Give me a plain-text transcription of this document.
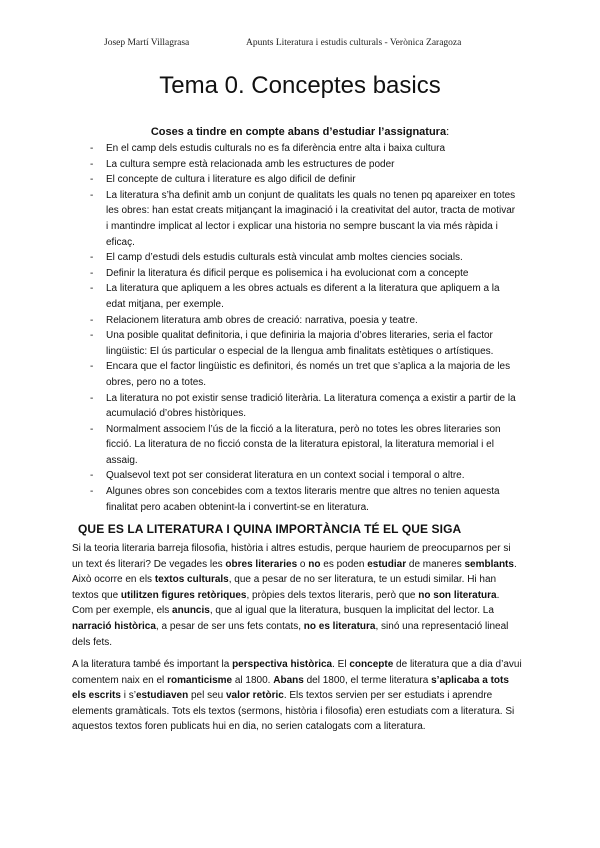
Josep Martí Villagrasa	Apunts Literatura i estudis culturals - Verònica Zaragoza
Tema 0. Conceptes basics
Coses a tindre en compte abans d’estudiar l’assignatura:
- En el camp dels estudis culturals no es fa diferència entre alta i baixa cultura
- La cultura sempre està relacionada amb les estructures de poder
- El concepte de cultura i literature es algo dificil de definir
- La literatura s’ha definit amb un conjunt de qualitats les quals no tenen pq apareixer en totes les obres: han estat creats mitjançant la imaginació i la creativitat del autor, tracta de motivar i mantindre implicat al lector i explicar una historia no sempre buscant la via més ràpida i eficaç.
- El camp d’estudi dels estudis culturals està vinculat amb moltes ciencies socials.
- Definir la literatura és dificil perque es polisemica i ha evolucionat com a concepte
- La literatura que apliquem a les obres actuals es diferent a la literatura que apliquem a la edat mitjana, per exemple.
- Relacionem literatura amb obres de creació: narrativa, poesia y teatre.
- Una posible qualitat definitoria, i que definiria la majoria d’obres literaries, seria el factor lingüistic: El ús particular o especial de la llengua amb finalitats estètiques o artístiques.
- Encara que el factor lingüistic es definitori, és només un tret que s’aplica a la majoria de les obres, pero no a totes.
- La literatura no pot existir sense tradició literària. La literatura comença a existir a partir de la acumulació d’obres històriques.
- Normalment associem l’ús de la ficció a la literatura, però no totes les obres literaries son ficció. La literatura de no ficció consta de la literatura epistoral, la literatura memorial i el assaig.
- Qualsevol text pot ser considerat literatura en un context social i temporal o altre.
- Algunes obres son concebides com a textos literaris mentre que altres no tenien aquesta finalitat pero acaben obtenint-la i convertint-se en literatura.
QUE ES LA LITERATURA I QUINA IMPORTÀNCIA TÉ EL QUE SIGA

Si la teoria literaria barreja filosofia, història i altres estudis, perque hauriem de preocuparnos per si un text és literari? De vegades les obres literaries o no es poden estudiar de maneres semblants. Això ocorre en els textos culturals, que a pesar de no ser literatura, te un estudi similar. Hi han textos que utilitzen figures retòriques, pròpies dels textos literaris, però que no son literatura. Com per exemple, els anuncis, que al igual que la literatura, busquen la implicitat del lector. La narració històrica, a pesar de ser uns fets contats, no es literatura, sinó una representació lineal dels fets.

A la literatura també és important la perspectiva històrica. El concepte de literatura que a dia d’avui comentem naix en el romanticisme al 1800. Abans del 1800, el terme literatura s’aplicaba a tots els escrits i s’estudiaven pel seu valor retòric. Els textos servien per ser estudiats i aprendre elements gramàticals. Tots els textos (sermons, història i filosofia) eren estudiats com a literatura. Si aquestos textos foren publicats hui en dia, no serien catalogats com a literatura.
